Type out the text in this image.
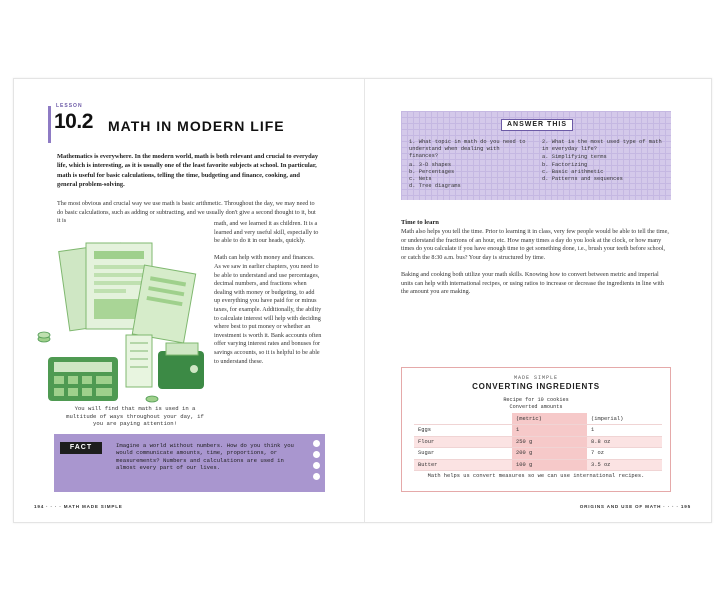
LESSON
10.2 MATH IN MODERN LIFE

Mathematics is everywhere. In the modern world, math is both relevant and crucial to everyday life, which is interesting, as it is usually one of the least favorite subjects at school. In particular, math is useful for basic calculations, telling the time, budgeting and finance, cooking, and general problem-solving.

The most obvious and crucial way we use math is basic arithmetic. Throughout the day, we may need to do basic calculations, such as adding or subtracting, and we usually don't give a second thought to it, but it is	math, and we learned it as children. It is a learned and very useful skill, especially to be able to do it in our heads, quickly.

Math can help with money and finances. As we saw in earlier chapters, you need to be able to understand and use percentages, decimal numbers, and fractions when dealing with money or budgeting, to add up everything you have paid for or minus taxes, for example. Additionally, the ability to calculate interest will help with deciding where best to put money or whether an investment is worth it. Bank accounts often offer varying interest rates and bonuses for savings accounts, so it is helpful to be able to understand these.

You will find that math is used in a multitude of ways throughout your day, if you are paying attention!

FACT	Imagine a world without numbers. How do you think you would communicate amounts, time, proportions, or measurements? Numbers and calculations are used in almost every part of our lives.

194 · · · · MATH MADE SIMPLE
ANSWER THIS
1. What topic in math do you need to understand when dealing with finances?
a. 3-D shapes
b. Percentages
c. Nets
d. Tree diagrams
2. What is the most used type of math in everyday life?
a. Simplifying terms
b. Factorizing
c. Basic arithmetic
d. Patterns and sequences
Time to learn

Math also helps you tell the time. Prior to learning it in class, very few people would be able to tell the time, or understand the fractions of an hour, etc. How many times a day do you look at the clock, or how many times do you calculate if you have enough time to get something done, i.e., brush your teeth before school, or catch the 8:30 a.m. bus? Your day is structured by time.

Baking and cooking both utilize your math skills. Knowing how to convert between metric and imperial units can help with international recipes, or using ratios to increase or decrease the ingredients in line with the amount you are making.

MADE SIMPLE
CONVERTING INGREDIENTS
Recipe for 10 cookies
Converted amounts
	(metric)	(imperial)
Eggs	1	1
Flour	250 g	8.8 oz
Sugar	200 g	7 oz
Butter	100 g	3.5 oz
Math helps us convert measures so we can use international recipes.
ORIGINS AND USE OF MATH · · · · 195
